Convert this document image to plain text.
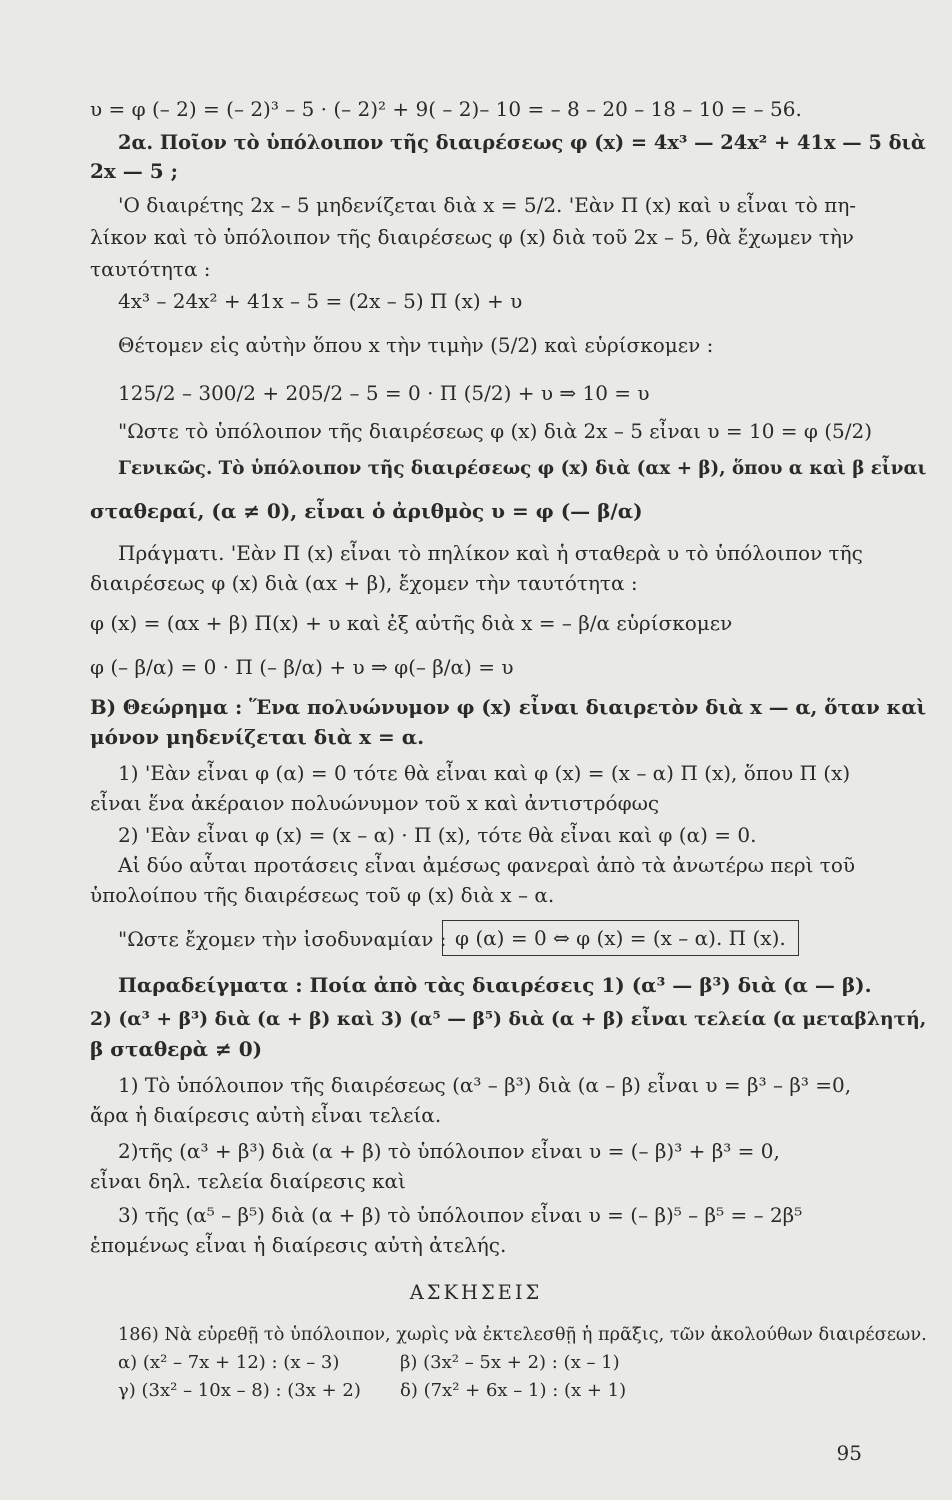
υ = φ (– 2) = (– 2)³ – 5 · (– 2)² + 9( – 2)– 10 = – 8 – 20 – 18 – 10 = – 56.
2α. Ποῖον τὸ ὑπόλοιπον τῆς διαιρέσεως φ (x) = 4x³ — 24x² + 41x — 5 διὰ
2x — 5 ;
'Ο διαιρέτης 2x – 5 μηδενίζεται διὰ x = 5/2. 'Εὰν Π (x) καὶ υ εἶναι τὸ πη-
λίκον καὶ τὸ ὑπόλοιπον τῆς διαιρέσεως φ (x) διὰ τοῦ 2x – 5, θὰ ἔχωμεν τὴν
ταυτότητα :
4x³ – 24x² + 41x – 5 = (2x – 5) Π (x) + υ
Θέτομεν εἰς αὐτὴν ὅπου x τὴν τιμὴν (5/2) καὶ εὑρίσκομεν :
125/2 – 300/2 + 205/2 – 5 = 0 · Π (5/2) + υ ⇒ 10 = υ
"Ωστε τὸ ὑπόλοιπον τῆς διαιρέσεως φ (x) διὰ 2x – 5 εἶναι υ = 10 = φ (5/2)
Γενικῶς. Τὸ ὑπόλοιπον τῆς διαιρέσεως φ (x) διὰ (αx + β), ὅπου α καὶ β εἶναι
σταθεραί, (α ≠ 0), εἶναι ὁ ἀριθμὸς υ = φ (— β/α)
Πράγματι. 'Εὰν Π (x) εἶναι τὸ πηλίκον καὶ ἡ σταθερὰ υ τὸ ὑπόλοιπον τῆς
διαιρέσεως φ (x) διὰ (αx + β), ἔχομεν τὴν ταυτότητα :
φ (x) = (αx + β) Π(x) + υ καὶ ἐξ αὐτῆς διὰ x = – β/α εὑρίσκομεν
φ (– β/α) = 0 · Π (– β/α) + υ ⇒ φ(– β/α) = υ
Β) Θεώρημα : Ἕνα πολυώνυμον φ (x) εἶναι διαιρετὸν διὰ x — α, ὅταν καὶ
μόνον μηδενίζεται διὰ x = α.
1) 'Εὰν εἶναι φ (α) = 0 τότε θὰ εἶναι καὶ φ (x) = (x – α) Π (x), ὅπου Π (x)
εἶναι ἕνα ἀκέραιον πολυώνυμον τοῦ x καὶ ἀντιστρόφως
2) 'Εὰν εἶναι φ (x) = (x – α) · Π (x), τότε θὰ εἶναι καὶ φ (α) = 0.
Αἱ δύο αὗται προτάσεις εἶναι ἀμέσως φανεραὶ ἀπὸ τὰ ἀνωτέρω περὶ τοῦ
ὑπολοίπου τῆς διαιρέσεως τοῦ φ (x) διὰ x – α.
"Ωστε ἔχομεν τὴν ἰσοδυναμίαν : φ (α) = 0 ⇔ φ (x) = (x – α). Π (x).
Παραδείγματα : Ποία ἀπὸ τὰς διαιρέσεις 1) (α³ — β³) διὰ (α — β).
2) (α³ + β³) διὰ (α + β) καὶ 3) (α⁵ — β⁵) διὰ (α + β) εἶναι τελεία (α μεταβλητή,
β σταθερὰ ≠ 0)
1) Τὸ ὑπόλοιπον τῆς διαιρέσεως (α³ – β³) διὰ (α – β) εἶναι υ = β³ – β³ =0,
ἄρα ἡ διαίρεσις αὐτὴ εἶναι τελεία.
2)τῆς (α³ + β³) διὰ (α + β) τὸ ὑπόλοιπον εἶναι υ = (– β)³ + β³ = 0,
εἶναι δηλ. τελεία διαίρεσις καὶ
3) τῆς (α⁵ – β⁵) διὰ (α + β) τὸ ὑπόλοιπον εἶναι υ = (– β)⁵ – β⁵ = – 2β⁵
ἑπομένως εἶναι ἡ διαίρεσις αὐτὴ ἀτελής.
ΑΣΚΗΣΕΙΣ
186) Νὰ εὑρεθῇ τὸ ὑπόλοιπον, χωρὶς νὰ ἐκτελεσθῇ ἡ πρᾶξις, τῶν ἀκολούθων διαιρέσεων.
α) (x² – 7x + 12) : (x – 3)	β) (3x² – 5x + 2) : (x – 1)
γ) (3x² – 10x – 8) : (3x + 2) δ) (7x² + 6x – 1) : (x + 1)
95
